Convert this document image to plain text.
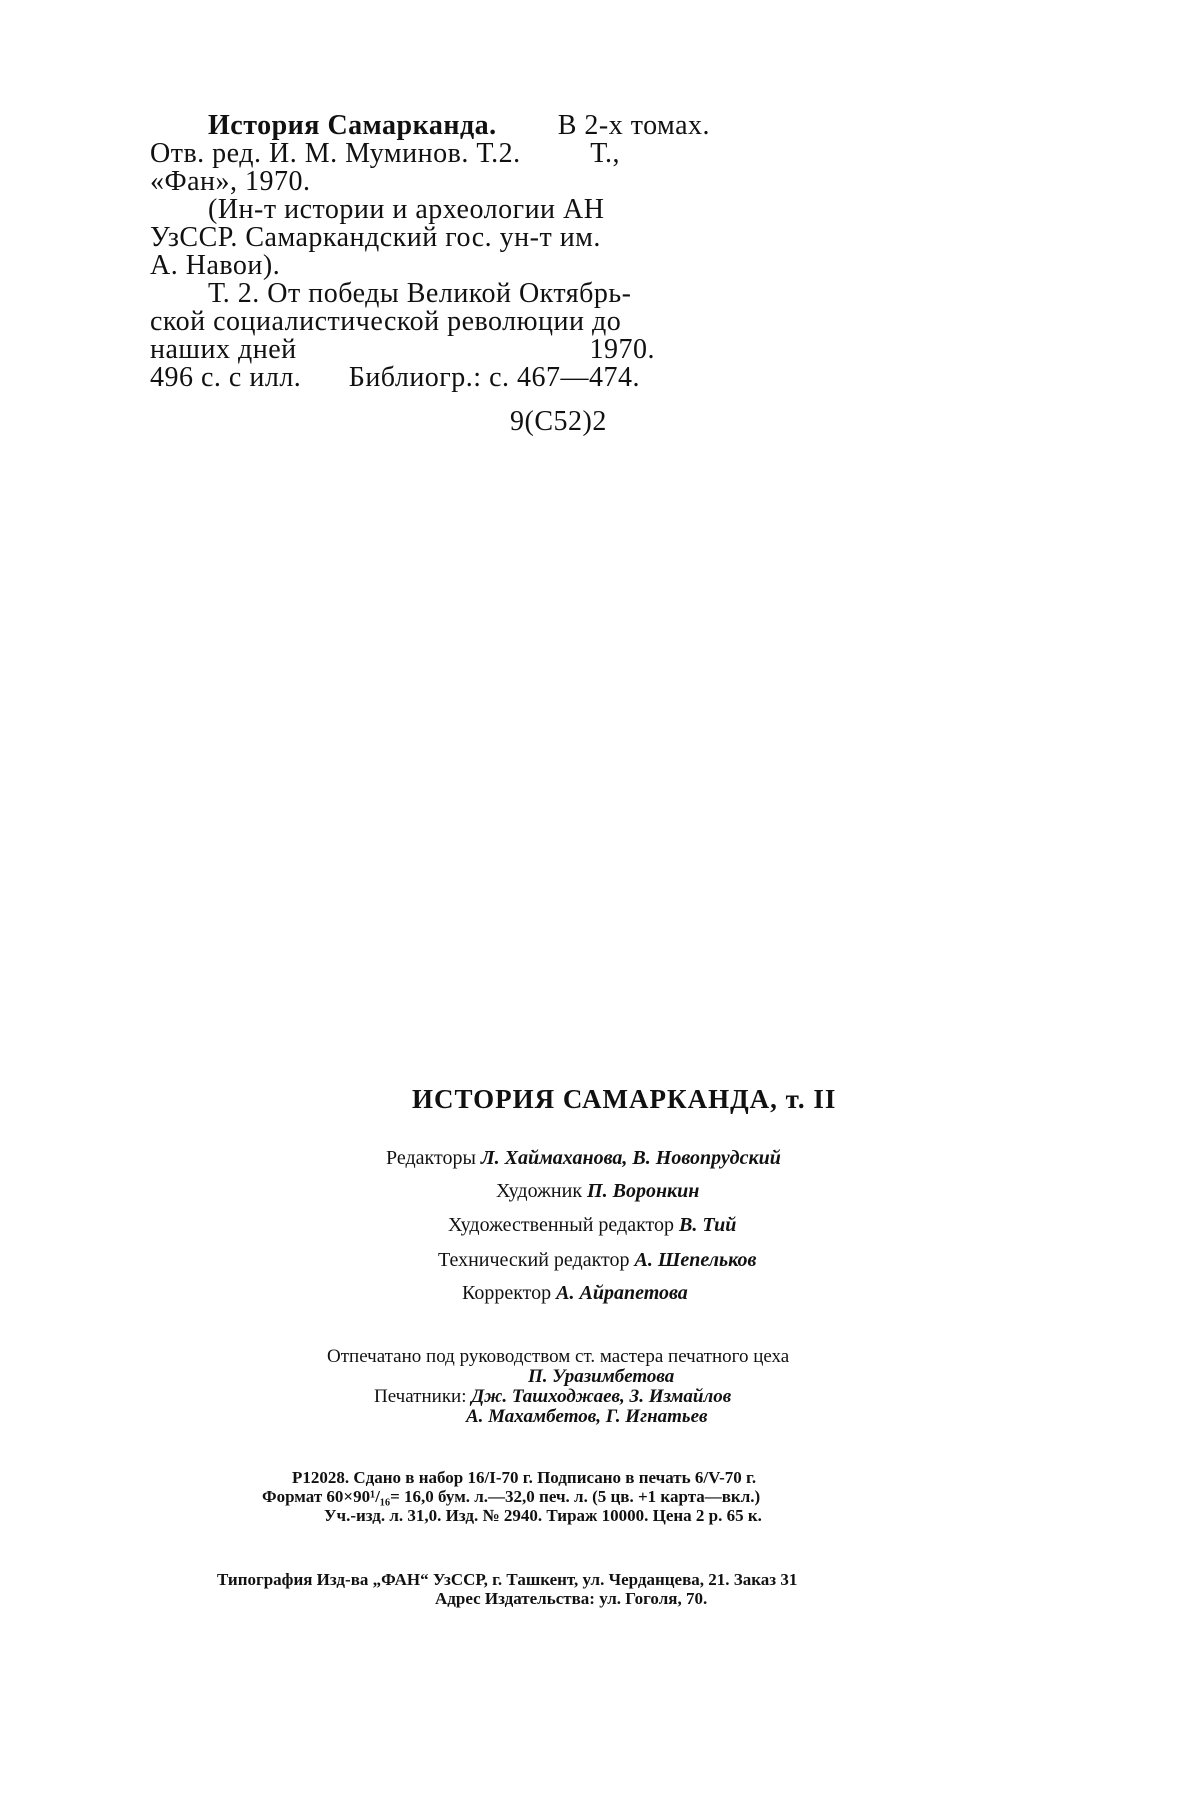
История Самарканда. В 2-х томах.
Отв. ред. И. М. Муминов. Т.2. Т.,
«Фан», 1970.
(Ин-т истории и археологии АН
УзССР. Самаркандский гос. ун-т им.
А. Навои).
Т. 2. От победы Великой Октябрь-
ской социалистической революции до
наших дней	1970.
496 с. с илл. Библиогр.: с. 467—474.
9(С52)2
ИСТОРИЯ САМАРКАНДА, т. II
Редакторы Л. Хаймаханова, В. Новопрудский
Художник П. Воронкин
Художественный редактор В. Тий
Технический редактор А. Шепельков
Корректор А. Айрапетова
Отпечатано под руководством ст. мастера печатного цеха
П. Уразимбетова
Печатники: Дж. Ташходжаев, З. Измайлов
А. Махамбетов, Г. Игнатьев
Р12028. Сдано в набор 16/I-70 г. Подписано в печать 6/V-70 г.
Формат 60×90¹/₁₆= 16,0 бум. л.—32,0 печ. л. (5 цв. +1 карта—вкл.)
Уч.-изд. л. 31,0. Изд. № 2940. Тираж 10000. Цена 2 р. 65 к.
Типография Изд-ва „ФАН“ УзССР, г. Ташкент, ул. Черданцева, 21. Заказ 31
Адрес Издательства: ул. Гоголя, 70.
